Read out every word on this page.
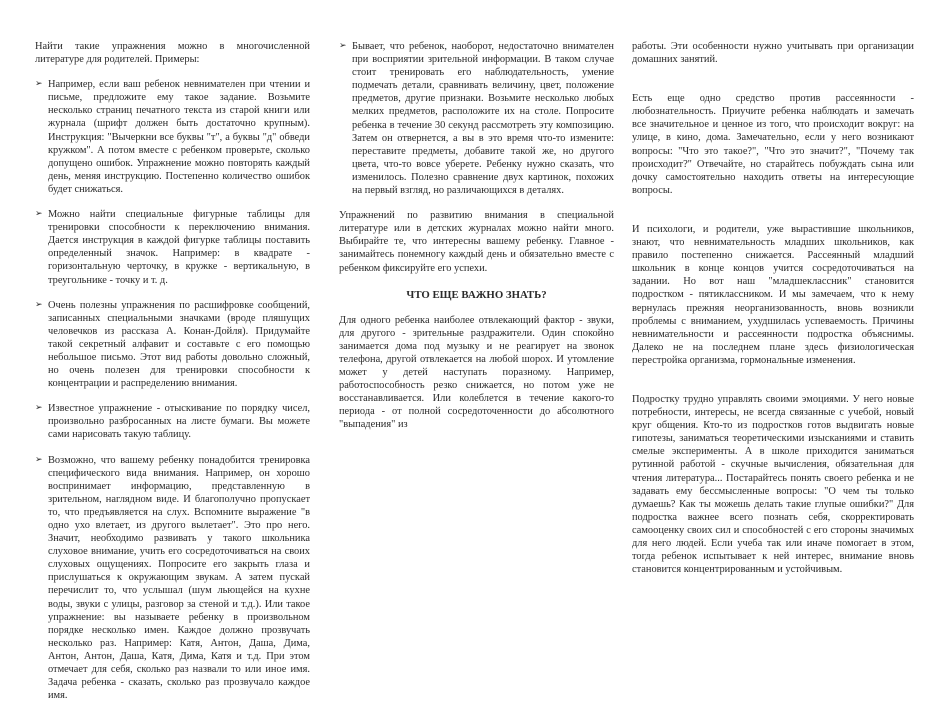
Найти такие упражнения можно в многочисленной литературе для родителей. Примеры:

➢ Например, если ваш ребенок невнимателен при чтении и письме, предложите ему такое задание. Возьмите несколько страниц печатного текста из старой книги или журнала (шрифт должен быть достаточно крупным). Инструкция: "Вычеркни все буквы "т", а буквы "д" обведи кружком". А потом вместе с ребенком проверьте, сколько допущено ошибок. Упражнение можно повторять каждый день, меняя инструкцию. Постепенно количество ошибок будет снижаться.
➢ Можно найти специальные фигурные таблицы для тренировки способности к переключению внимания. Дается инструкция в каждой фигурке таблицы поставить определенный значок. Например: в квадрате - горизонтальную черточку, в кружке - вертикальную, в треугольнике - точку и т. д.
➢ Очень полезны упражнения по расшифровке сообщений, записанных специальными значками (вроде пляшущих человечков из рассказа А. Конан-Дойля). Придумайте такой секретный алфавит и составьте с его помощью небольшое письмо. Этот вид работы довольно сложный, но очень полезен для тренировки способности к концентрации и распределению внимания.
➢ Известное упражнение - отыскивание по порядку чисел, произвольно разбросанных на листе бумаги. Вы можете сами нарисовать такую таблицу.
➢ Возможно, что вашему ребенку понадобится тренировка специфического вида внимания. Например, он хорошо воспринимает информацию, представленную в зрительном, наглядном виде. И благополучно пропускает то, что предъявляется на слух. Вспомните выражение "в одно ухо влетает, из другого вылетает". Это про него. Значит, необходимо развивать у такого школьника слуховое внимание, учить его сосредоточиваться на своих слуховых ощущениях. Попросите его закрыть глаза и прислушаться к окружающим звукам. А затем пускай перечислит то, что услышал (шум льющейся на кухне воды, звуки с улицы, разговор за стеной и т.д.). Или такое упражнение: вы называете ребенку в произвольном порядке несколько имен. Каждое должно прозвучать несколько раз. Например: Катя, Антон, Даша, Дима, Антон, Антон, Даша, Катя, Дима, Катя и т.д. При этом отмечает для себя, сколько раз назвали то или иное имя. Задача ребенка - сказать, сколько раз прозвучало каждое имя.
➢ Бывает, что ребенок, наоборот, недостаточно внимателен при восприятии зрительной информации. В таком случае стоит тренировать его наблюдательность, умение подмечать детали, сравнивать величину, цвет, положение предметов, другие признаки. Возьмите несколько любых мелких предметов, расположите их на столе. Попросите ребенка в течение 30 секунд рассмотреть эту композицию. Затем он отвернется, а вы в это время что-то измените: переставите предметы, добавите такой же, но другого цвета, что-то вовсе уберете. Ребенку нужно сказать, что изменилось. Полезно сравнение двух картинок, похожих на первый взгляд, но различающихся в деталях.

Упражнений по развитию внимания в специальной литературе или в детских журналах можно найти много. Выбирайте те, что интересны вашему ребенку. Главное - занимайтесь понемногу каждый день и обязательно вместе с ребенком фиксируйте его успехи.

ЧТО ЕЩЕ ВАЖНО ЗНАТЬ?

Для одного ребенка наиболее отвлекающий фактор - звуки, для другого - зрительные раздражители. Один спокойно занимается дома под музыку и не реагирует на звонок телефона, другой отвлекается на любой шорох. И утомление может у детей наступать поразному. Например, работоспособность резко снижается, но потом уже не восстанавливается. Или колеблется в течение какого-то периода - от полной сосредоточенности до абсолютного "выпадения" из

работы. Эти особенности нужно учитывать при организации домашних занятий.

Есть еще одно средство против рассеянности - любознательность. Приучите ребенка наблюдать и замечать все значительное и ценное из того, что происходит вокруг: на улице, в кино, дома. Замечательно, если у него возникают вопросы: "Что это такое?", "Что это значит?", "Почему так происходит?" Отвечайте, но старайтесь побуждать сына или дочку самостоятельно находить ответы на интересующие вопросы.

И психологи, и родители, уже вырастившие школьников, знают, что невнимательность младших школьников, как правило постепенно снижается. Рассеянный младший школьник в конце концов учится сосредоточиваться на задании. Но вот наш "младшеклассник" становится подростком - пятиклассником. И мы замечаем, что к нему вернулась прежняя неорганизованность, вновь возникли проблемы с вниманием, ухудшилась успеваемость. Причины невнимательности и рассеянности подростка объяснимы. Далеко не на последнем плане здесь физиологическая перестройка организма, гормональные изменения.

Подростку трудно управлять своими эмоциями. У него новые потребности, интересы, не всегда связанные с учебой, новый круг общения. Кто-то из подростков готов выдвигать новые гипотезы, заниматься теоретическими изысканиями и ставить смелые эксперименты. А в школе приходится заниматься рутинной работой - скучные вычисления, обязательная для чтения литература... Постарайтесь понять своего ребенка и не задавать ему бессмысленные вопросы: "О чем ты только думаешь? Как ты можешь делать такие глупые ошибки?" Для подростка важнее всего познать себя, скорректировать самооценку своих сил и способностей с его стороны значимых для него людей. Если учеба так или иначе помогает в этом, тогда ребенок испытывает к ней интерес, внимание вновь становится концентрированным и устойчивым.
